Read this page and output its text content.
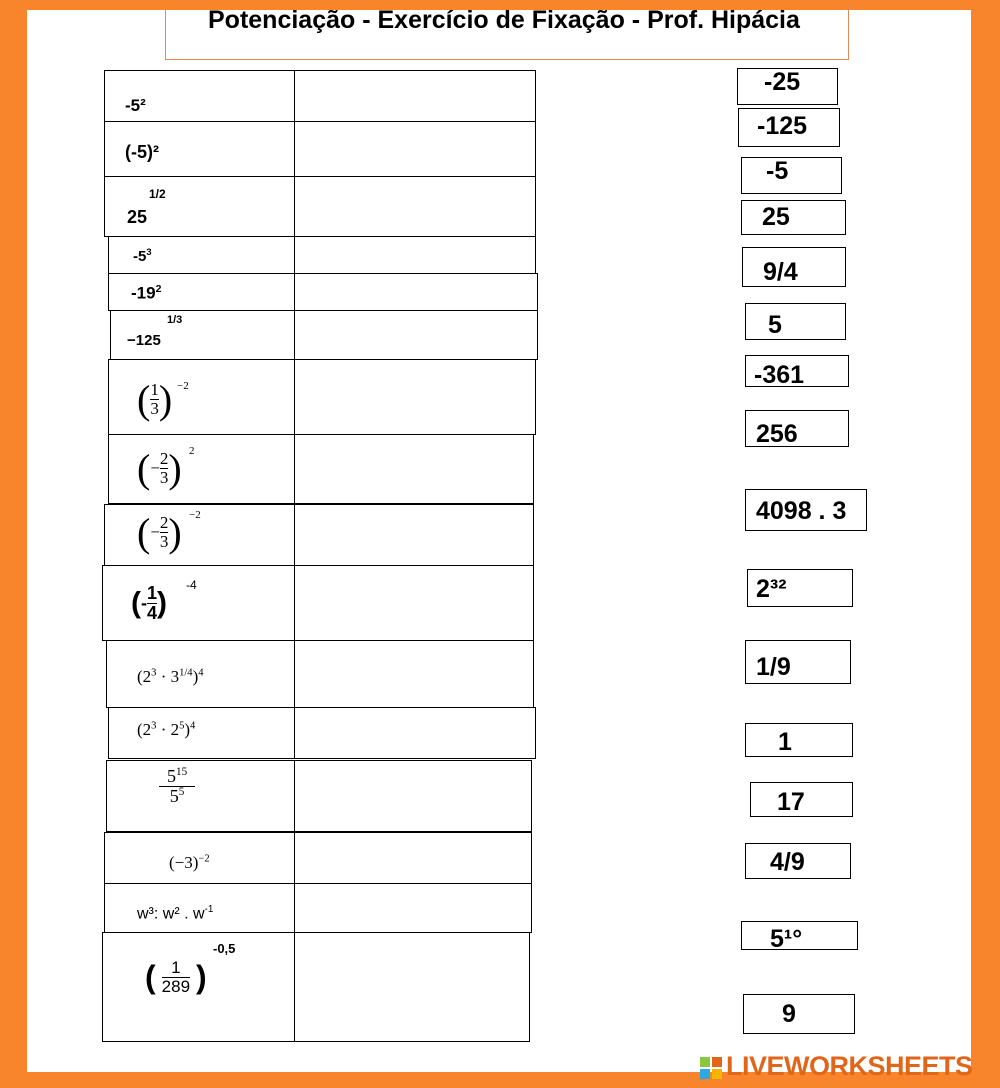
Potenciação - Exercício de Fixação - Prof. Hipácia
-5²
(-5)²
25
1/2
$-5^3$
$-19^2$
−125
1/3
( $\frac{1}{3}$ ) −2
(− $\frac{2}{3}$ ) 2
(− $\frac{2}{3}$ ) −2
(- $\frac{1}{4}$ )
-4
$(2^3 \cdot 3^{1/4})^4$
$(2^3 \cdot 2^5)^4$
$\frac{5^{15}}{5^5}$
$(-3)^{-2}$
w³: w² . $w^{-1}$
( $\frac{1}{289}$ )
-0,5
-25
-125
-5
25
9/4
5
-361
256
4098 . 3
2³²
1/9
1
17
4/9
5¹°
9
LIVEWORKSHEETS
